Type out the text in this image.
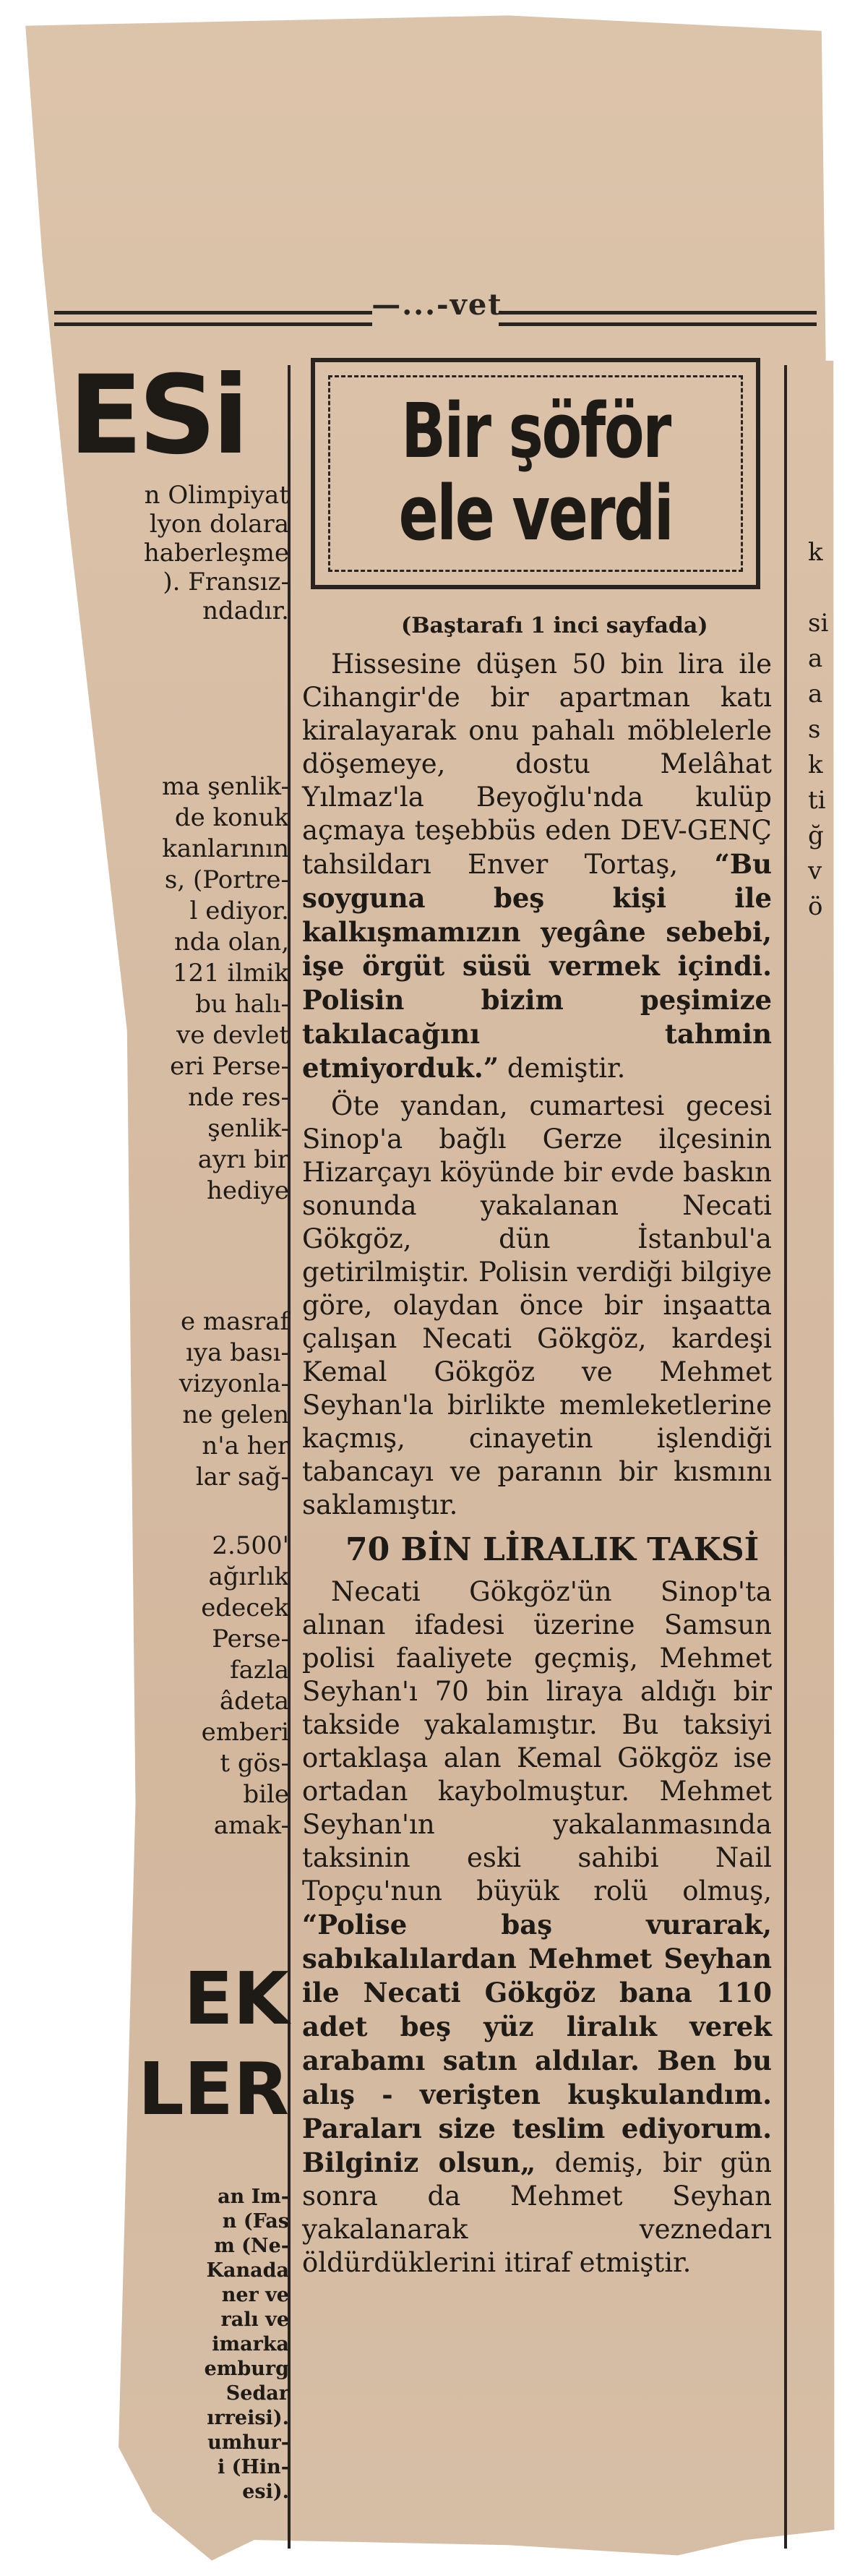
—...‑vet
ESi
n Olimpiyat
lyon dolara
haberleşme
). Fransız-
ndadır.
ma şenlik-
de konuk
kanlarının
s, (Portre-
l ediyor.
nda olan,
121 ilmik
bu halı-
ve devlet
eri Perse-
nde res-
şenlik-
ayrı bir
hediye
e masraf
ıya bası-
vizyonla-
ne gelen
n'a her
lar sağ-
2.500'
ağırlık
edecek
Perse-
fazla
âdeta
emberi
t gös-
bile
amak-
EK
LER
an Im-
n (Fas
m (Ne-
Kanada
ner ve
ralı ve
imarka
emburg
Sedar
ırreisi).
umhur-
i (Hin-
esi).
Bir şöför
ele verdi
(Baştarafı 1 inci sayfada)

Hissesine düşen 50 bin lira ile Cihangir'de bir apartman katı kiralayarak onu pahalı möblelerle döşemeye, dostu Melâhat Yılmaz'la Beyoğlu'nda kulüp açmaya teşebbüs eden DEV-GENÇ tahsildarı Enver Tortaş, “Bu soyguna beş kişi ile kalkışmamızın yegâne sebebi, işe örgüt süsü vermek içindi. Polisin bizim peşimize takılacağını tahmin etmiyorduk.” demiştir.

Öte yandan, cumartesi gecesi Sinop'a bağlı Gerze ilçesinin Hizarçayı köyünde bir evde baskın sonunda yakalanan Necati Gökgöz, dün İstanbul'a getirilmiştir. Polisin verdiği bilgiye göre, olaydan önce bir inşaatta çalışan Necati Gökgöz, kardeşi Kemal Gökgöz ve Mehmet Seyhan'la birlikte memleketlerine kaçmış, cinayetin işlendiği tabancayı ve paranın bir kısmını saklamıştır.

70 BİN LİRALIK TAKSİ

Necati Gökgöz'ün Sinop'ta alınan ifadesi üzerine Samsun polisi faaliyete geçmiş, Mehmet Seyhan'ı 70 bin liraya aldığı bir takside yakalamıştır. Bu taksiyi ortaklaşa alan Kemal Gökgöz ise ortadan kaybolmuştur. Mehmet Seyhan'ın yakalanmasında taksinin eski sahibi Nail Topçu'nun büyük rolü olmuş, “Polise baş vurarak, sabıkalılardan Mehmet Seyhan ile Necati Gökgöz bana 110 adet beş yüz liralık verek arabamı satın aldılar. Ben bu alış - verişten kuşkulandım. Paraları size teslim ediyorum. Bilginiz olsun„ demiş, bir gün sonra da Mehmet Seyhan yakalanarak veznedarı öldürdüklerini itiraf etmiştir.

k
si
a
a
s
k
ti
ğ
v
ö
